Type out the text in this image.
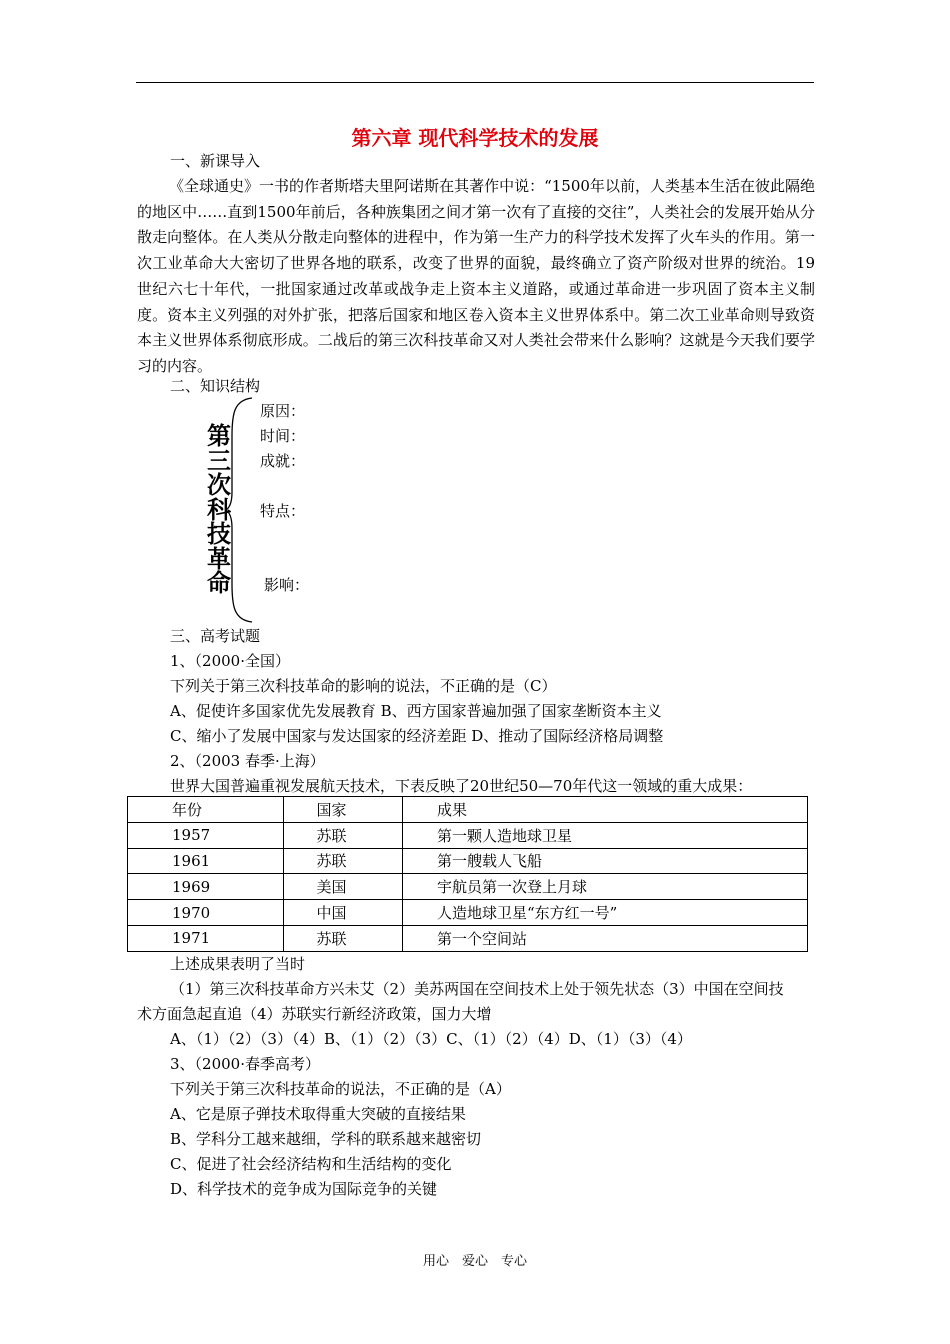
第六章 现代科学技术的发展
一、新课导入
《全球通史》一书的作者斯塔夫里阿诺斯在其著作中说：“1500年以前，人类基本生活在彼此隔绝的地区中……直到1500年前后，各种族集团之间才第一次有了直接的交往”，人类社会的发展开始从分散走向整体。在人类从分散走向整体的进程中，作为第一生产力的科学技术发挥了火车头的作用。第一次工业革命大大密切了世界各地的联系，改变了世界的面貌，最终确立了资产阶级对世界的统治。19世纪六七十年代，一批国家通过改革或战争走上资本主义道路，或通过革命进一步巩固了资本主义制度。资本主义列强的对外扩张，把落后国家和地区卷入资本主义世界体系中。第二次工业革命则导致资本主义世界体系彻底形成。二战后的第三次科技革命又对人类社会带来什么影响？这就是今天我们要学习的内容。
二、知识结构
第三次科技革命
原因：
时间：
成就：
特点：
影响：
三、高考试题
1、（2000·全国）
下列关于第三次科技革命的影响的说法，不正确的是（C）
A、促使许多国家优先发展教育 B、西方国家普遍加强了国家垄断资本主义
C、缩小了发展中国家与发达国家的经济差距 D、推动了国际经济格局调整
2、（2003 春季·上海）
世界大国普遍重视发展航天技术，下表反映了20世纪50—70年代这一领域的重大成果：
年份	国家	成果
1957	苏联	第一颗人造地球卫星
1961	苏联	第一艘载人飞船
1969	美国	宇航员第一次登上月球
1970	中国	人造地球卫星“东方红一号”
1971	苏联	第一个空间站
上述成果表明了当时
（1）第三次科技革命方兴未艾（2）美苏两国在空间技术上处于领先状态（3）中国在空间技
术方面急起直追（4）苏联实行新经济政策，国力大增
A、（1）（2）（3）（4）B、（1）（2）（3）C、（1）（2）（4）D、（1）（3）（4）
3、（2000·春季高考）
下列关于第三次科技革命的说法，不正确的是（A）
A、它是原子弹技术取得重大突破的直接结果
B、学科分工越来越细，学科的联系越来越密切
C、促进了社会经济结构和生活结构的变化
D、科学技术的竞争成为国际竞争的关键
用心　爱心　专心
